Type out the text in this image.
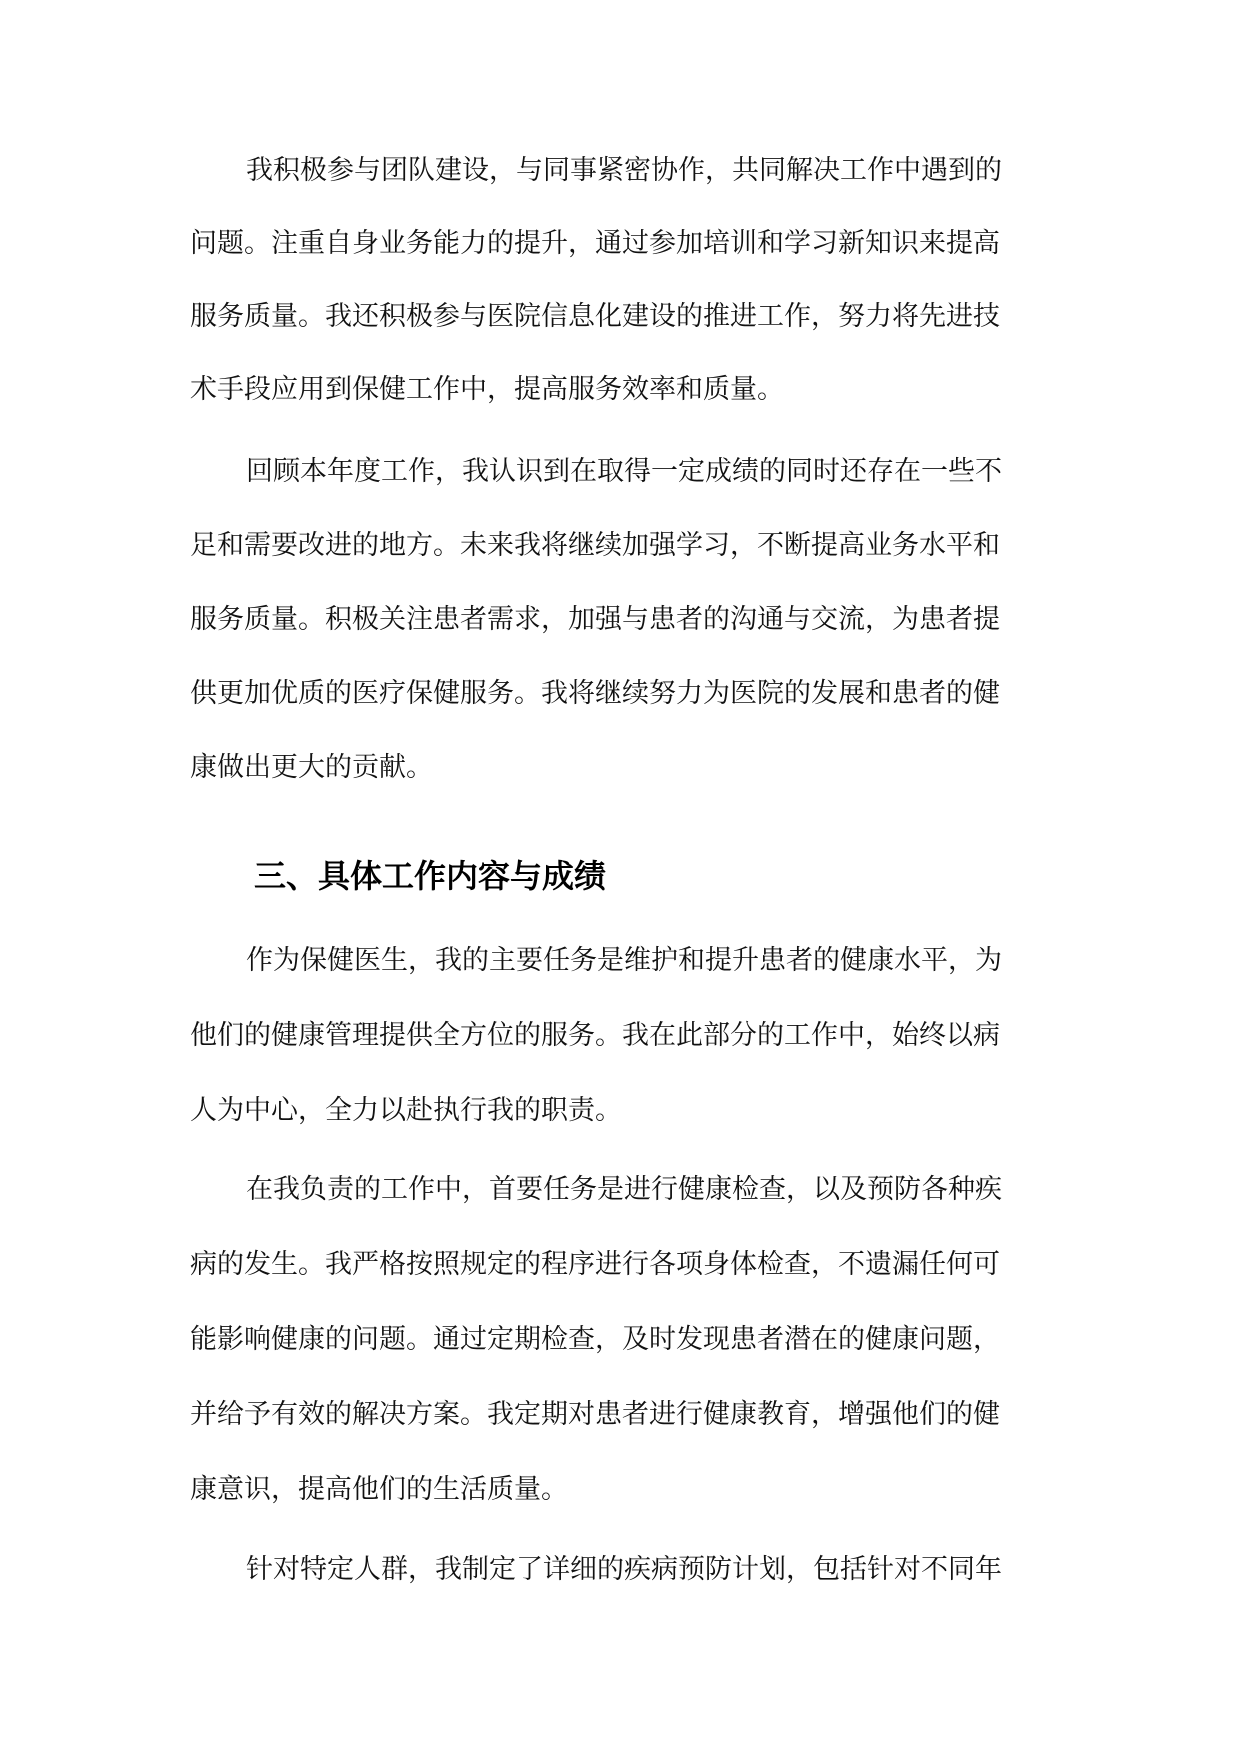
我积极参与团队建设，与同事紧密协作，共同解决工作中遇到的
问题。注重自身业务能力的提升，通过参加培训和学习新知识来提高
服务质量。我还积极参与医院信息化建设的推进工作，努力将先进技
术手段应用到保健工作中，提高服务效率和质量。
回顾本年度工作，我认识到在取得一定成绩的同时还存在一些不
足和需要改进的地方。未来我将继续加强学习，不断提高业务水平和
服务质量。积极关注患者需求，加强与患者的沟通与交流，为患者提
供更加优质的医疗保健服务。我将继续努力为医院的发展和患者的健
康做出更大的贡献。
三、具体工作内容与成绩
作为保健医生，我的主要任务是维护和提升患者的健康水平，为
他们的健康管理提供全方位的服务。我在此部分的工作中，始终以病
人为中心，全力以赴执行我的职责。
在我负责的工作中，首要任务是进行健康检查，以及预防各种疾
病的发生。我严格按照规定的程序进行各项身体检查，不遗漏任何可
能影响健康的问题。通过定期检查，及时发现患者潜在的健康问题，
并给予有效的解决方案。我定期对患者进行健康教育，增强他们的健
康意识，提高他们的生活质量。
针对特定人群，我制定了详细的疾病预防计划，包括针对不同年
